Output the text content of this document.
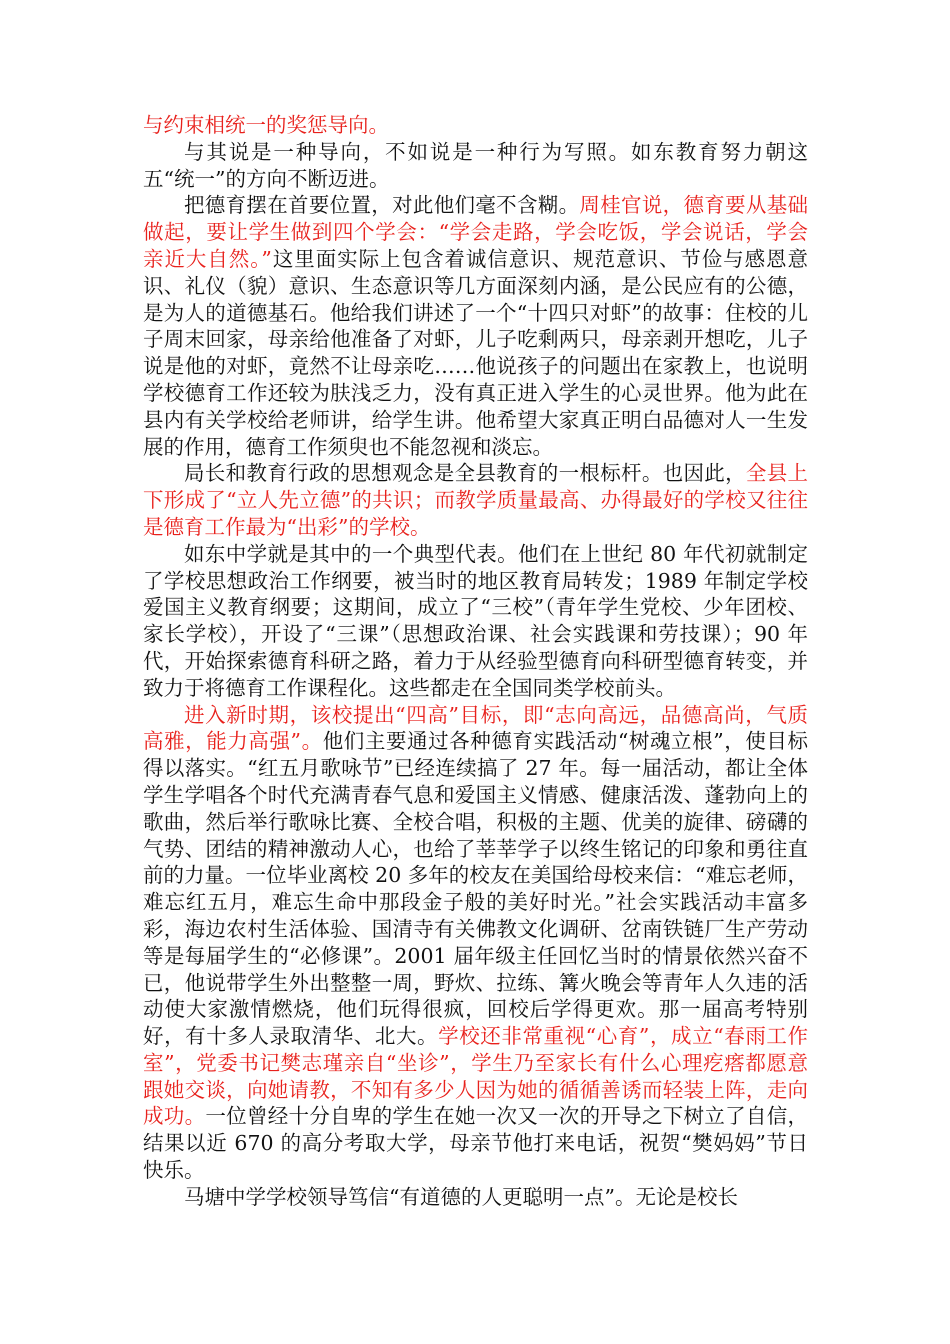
与约束相统一的奖惩导向。

与其说是一种导向，不如说是一种行为写照。如东教育努力朝这五“统一”的方向不断迈进。

把德育摆在首要位置，对此他们毫不含糊。周桂官说，德育要从基础做起，要让学生做到四个学会：“学会走路，学会吃饭，学会说话，学会亲近大自然。”这里面实际上包含着诚信意识、规范意识、节俭与感恩意识、礼仪（貌）意识、生态意识等几方面深刻内涵，是公民应有的公德，是为人的道德基石。他给我们讲述了一个“十四只对虾”的故事：住校的儿子周末回家，母亲给他准备了对虾，儿子吃剩两只，母亲剥开想吃，儿子说是他的对虾，竟然不让母亲吃……他说孩子的问题出在家教上，也说明学校德育工作还较为肤浅乏力，没有真正进入学生的心灵世界。他为此在县内有关学校给老师讲，给学生讲。他希望大家真正明白品德对人一生发展的作用，德育工作须臾也不能忽视和淡忘。

局长和教育行政的思想观念是全县教育的一根标杆。也因此，全县上下形成了“立人先立德”的共识；而教学质量最高、办得最好的学校又往往是德育工作最为“出彩”的学校。

如东中学就是其中的一个典型代表。他们在上世纪 80 年代初就制定了学校思想政治工作纲要，被当时的地区教育局转发；1989 年制定学校爱国主义教育纲要；这期间，成立了“三校”（青年学生党校、少年团校、家长学校），开设了“三课”（思想政治课、社会实践课和劳技课）；90 年代，开始探索德育科研之路，着力于从经验型德育向科研型德育转变，并致力于将德育工作课程化。这些都走在全国同类学校前头。

进入新时期，该校提出“四高”目标，即“志向高远，品德高尚，气质高雅，能力高强”。他们主要通过各种德育实践活动“树魂立根”，使目标得以落实。“红五月歌咏节”已经连续搞了 27 年。每一届活动，都让全体学生学唱各个时代充满青春气息和爱国主义情感、健康活泼、蓬勃向上的歌曲，然后举行歌咏比赛、全校合唱，积极的主题、优美的旋律、磅礴的气势、团结的精神激动人心，也给了莘莘学子以终生铭记的印象和勇往直前的力量。一位毕业离校 20 多年的校友在美国给母校来信：“难忘老师，难忘红五月，难忘生命中那段金子般的美好时光。”社会实践活动丰富多彩，海边农村生活体验、国清寺有关佛教文化调研、岔南铁链厂生产劳动等是每届学生的“必修课”。2001 届年级主任回忆当时的情景依然兴奋不已，他说带学生外出整整一周，野炊、拉练、篝火晚会等青年人久违的活动使大家激情燃烧，他们玩得很疯，回校后学得更欢。那一届高考特别好，有十多人录取清华、北大。学校还非常重视“心育”，成立“春雨工作室”，党委书记樊志瑾亲自“坐诊”，学生乃至家长有什么心理疙瘩都愿意跟她交谈，向她请教，不知有多少人因为她的循循善诱而轻装上阵，走向成功。一位曾经十分自卑的学生在她一次又一次的开导之下树立了自信，结果以近 670 的高分考取大学，母亲节他打来电话，祝贺“樊妈妈”节日快乐。

马塘中学学校领导笃信“有道德的人更聪明一点”。无论是校长
